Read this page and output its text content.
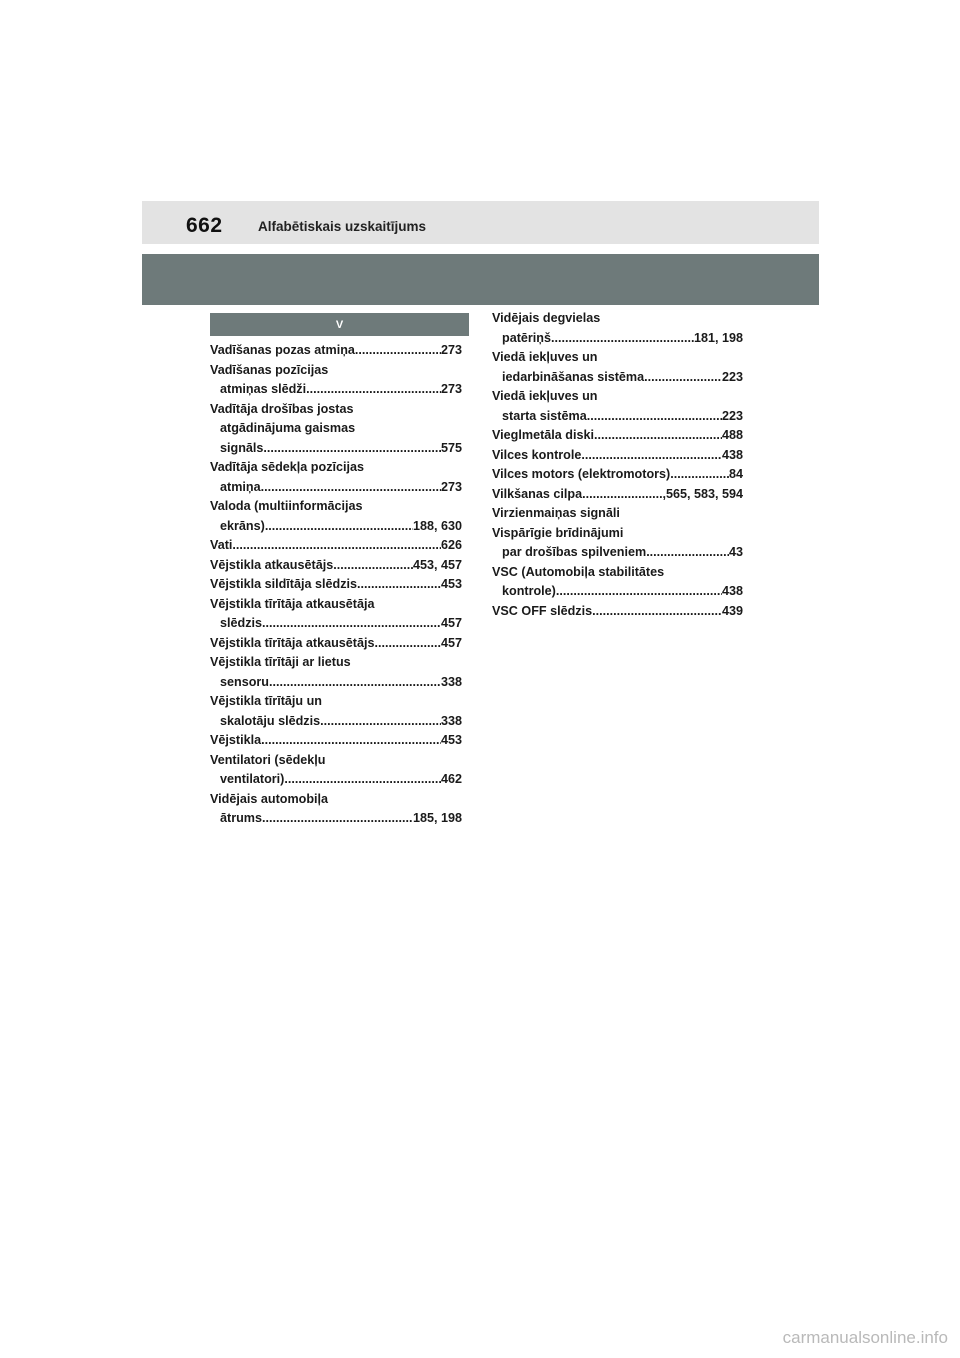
662	Alfabētiskais uzskaitījums
V
Vadīšanas pozas atmiņa .....	273
Vadīšanas pozīcijas
atmiņas slēdži .....	273
Vadītāja drošības jostas
atgādinājuma gaismas
signāls .....	575
Vadītāja sēdekļa pozīcijas
atmiņa .....	273
Valoda (multiinformācijas
ekrāns) .....	188, 630
Vati .....	626
Vējstikla atkausētājs .....	453, 457
Vējstikla sildītāja slēdzis .....	453
Vējstikla tīrītāja atkausētāja
slēdzis .....	457
Vējstikla tīrītāja atkausētājs .....	457
Vējstikla tīrītāji ar lietus
sensoru .....	338
Vējstikla tīrītāju un
skalotāju slēdzis .....	338
Vējstikla .....	453
Ventilatori (sēdekļu
ventilatori) .....	462
Vidējais automobiļa
ātrums .....	185, 198
Vidējais degvielas
patēriņš .....	181, 198
Viedā iekļuves un
iedarbināšanas sistēma .....	223
Viedā iekļuves un
starta sistēma .....	223
Vieglmetāla diski .....	488
Vilces kontrole .....	438
Vilces motors (elektromotors) .....	84
Vilkšanas cilpa .....	,565, 583, 594
Virzienmaiņas signāli
Vispārīgie brīdinājumi
par drošības spilveniem .....	43
VSC (Automobiļa stabilitātes
kontrole) .....	438
VSC OFF slēdzis .....	439
carmanualsonline.info
